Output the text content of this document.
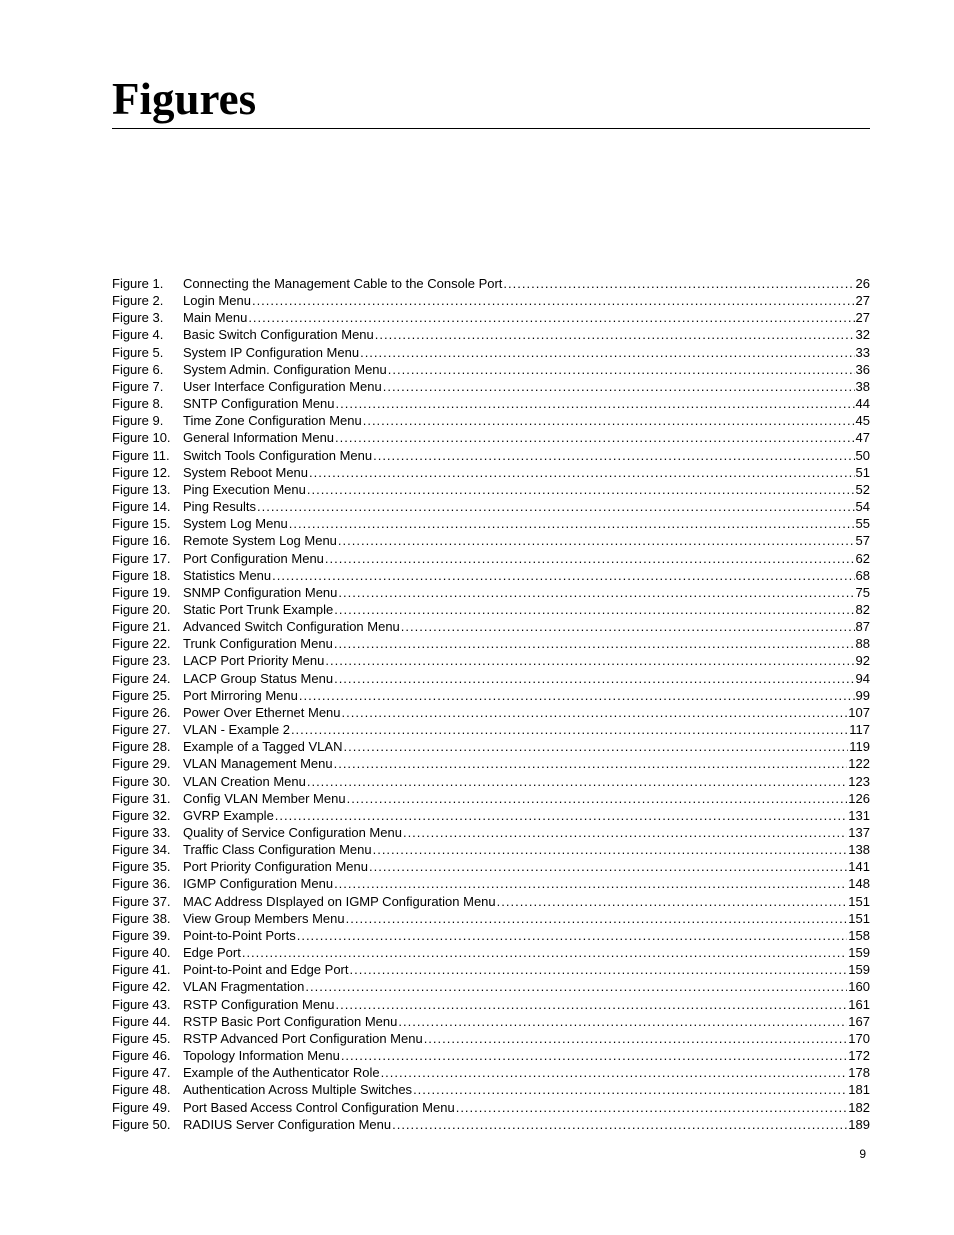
Figures
Figure 1.	Connecting the Management Cable to the Console Port .....	26
Figure 2.	Login Menu .....	27
Figure 3.	Main Menu .....	27
Figure 4.	Basic Switch Configuration Menu .....	32
Figure 5.	System IP Configuration Menu .....	33
Figure 6.	System Admin. Configuration Menu .....	36
Figure 7.	User Interface Configuration Menu .....	38
Figure 8.	SNTP Configuration Menu .....	44
Figure 9.	Time Zone Configuration Menu .....	45
Figure 10. General Information Menu .....	47
Figure 11.	Switch Tools Configuration Menu .....	50
Figure 12. System Reboot Menu .....	51
Figure 13. Ping Execution Menu .....	52
Figure 14. Ping Results .....	54
Figure 15. System Log Menu .....	55
Figure 16. Remote System Log Menu .....	57
Figure 17. Port Configuration Menu .....	62
Figure 18. Statistics Menu .....	68
Figure 19. SNMP Configuration Menu .....	75
Figure 20. Static Port Trunk Example .....	82
Figure 21. Advanced Switch Configuration Menu .....	87
Figure 22. Trunk Configuration Menu .....	88
Figure 23. LACP Port Priority Menu .....	92
Figure 24. LACP Group Status Menu .....	94
Figure 25. Port Mirroring Menu .....	99
Figure 26. Power Over Ethernet Menu .....	107
Figure 27. VLAN - Example 2 .....	117
Figure 28. Example of a Tagged VLAN .....	119
Figure 29. VLAN Management Menu .....	122
Figure 30. VLAN Creation Menu .....	123
Figure 31. Config VLAN Member Menu .....	126
Figure 32. GVRP Example .....	131
Figure 33. Quality of Service Configuration Menu .....	137
Figure 34. Traffic Class Configuration Menu .....	138
Figure 35. Port Priority Configuration Menu .....	141
Figure 36. IGMP Configuration Menu .....	148
Figure 37. MAC Address DIsplayed on IGMP Configuration Menu .....	151
Figure 38. View Group Members Menu .....	151
Figure 39. Point-to-Point Ports .....	158
Figure 40. Edge Port .....	159
Figure 41. Point-to-Point and Edge Port .....	159
Figure 42. VLAN Fragmentation .....	160
Figure 43. RSTP Configuration Menu .....	161
Figure 44. RSTP Basic Port Configuration Menu .....	167
Figure 45. RSTP Advanced Port Configuration Menu .....	170
Figure 46. Topology Information Menu .....	172
Figure 47. Example of the Authenticator Role .....	178
Figure 48. Authentication Across Multiple Switches .....	181
Figure 49. Port Based Access Control Configuration Menu .....	182
Figure 50. RADIUS Server Configuration Menu .....	189
9
